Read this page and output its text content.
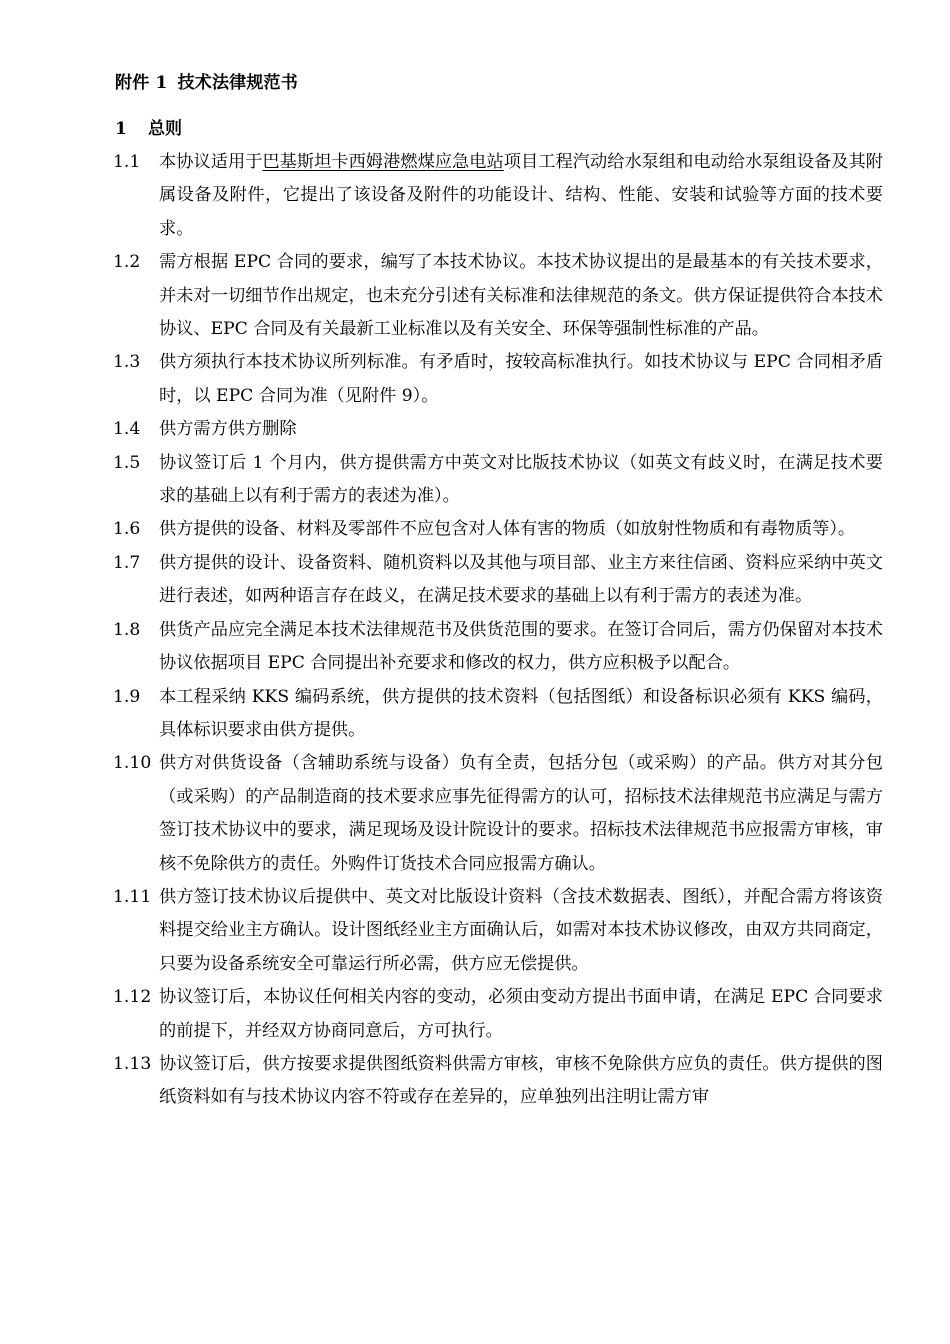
附件 1 技术法律规范书
1 总则
1.1	本协议适用于巴基斯坦卡西姆港燃煤应急电站项目工程汽动给水泵组和电动给水泵组设备及其附属设备及附件，它提出了该设备及附件的功能设计、结构、性能、安装和试验等方面的技术要求。
1.2	需方根据 EPC 合同的要求，编写了本技术协议。本技术协议提出的是最基本的有关技术要求，并未对一切细节作出规定，也未充分引述有关标准和法律规范的条文。供方保证提供符合本技术协议、EPC 合同及有关最新工业标准以及有关安全、环保等强制性标准的产品。
1.3	供方须执行本技术协议所列标准。有矛盾时，按较高标准执行。如技术协议与 EPC 合同相矛盾时，以 EPC 合同为准（见附件 9）。
1.4	供方需方供方删除
1.5	协议签订后 1 个月内，供方提供需方中英文对比版技术协议（如英文有歧义时，在满足技术要求的基础上以有利于需方的表述为准）。
1.6	供方提供的设备、材料及零部件不应包含对人体有害的物质（如放射性物质和有毒物质等）。
1.7	供方提供的设计、设备资料、随机资料以及其他与项目部、业主方来往信函、资料应采纳中英文进行表述，如两种语言存在歧义，在满足技术要求的基础上以有利于需方的表述为准。
1.8	供货产品应完全满足本技术法律规范书及供货范围的要求。在签订合同后，需方仍保留对本技术协议依据项目 EPC 合同提出补充要求和修改的权力，供方应积极予以配合。
1.9	本工程采纳 KKS 编码系统，供方提供的技术资料（包括图纸）和设备标识必须有 KKS 编码，具体标识要求由供方提供。
1.10 供方对供货设备（含辅助系统与设备）负有全责，包括分包（或采购）的产品。供方对其分包（或采购）的产品制造商的技术要求应事先征得需方的认可，招标技术法律规范书应满足与需方签订技术协议中的要求，满足现场及设计院设计的要求。招标技术法律规范书应报需方审核，审核不免除供方的责任。外购件订货技术合同应报需方确认。
1.11 供方签订技术协议后提供中、英文对比版设计资料（含技术数据表、图纸），并配合需方将该资料提交给业主方确认。设计图纸经业主方面确认后，如需对本技术协议修改，由双方共同商定，只要为设备系统安全可靠运行所必需，供方应无偿提供。
1.12 协议签订后，本协议任何相关内容的变动，必须由变动方提出书面申请，在满足 EPC 合同要求的前提下，并经双方协商同意后，方可执行。
1.13 协议签订后，供方按要求提供图纸资料供需方审核，审核不免除供方应负的责任。供方提供的图纸资料如有与技术协议内容不符或存在差异的，应单独列出注明让需方审
